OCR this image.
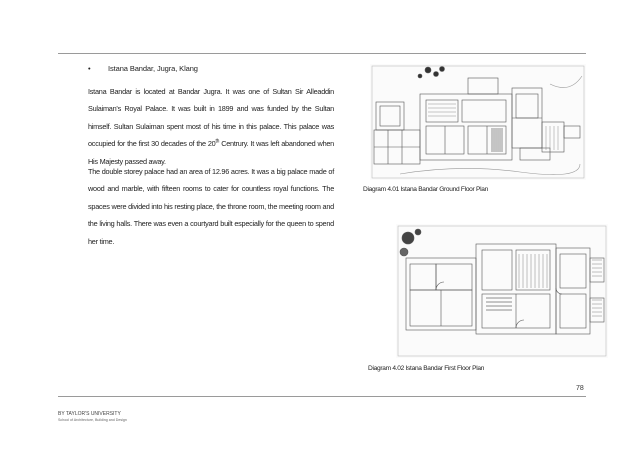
• Istana Bandar, Jugra, Klang

Istana Bandar is located at Bandar Jugra. It was one of Sultan Sir Alleaddin Sulaiman's Royal Palace. It was built in 1899 and was funded by the Sultan himself. Sultan Sulaiman spent most of his time in this palace. This palace was occupied for the first 30 decades of the 20th Centrury. It was left abandoned when His Majesty passed away.

The double storey palace had an area of 12.96 acres. It was a big palace made of wood and marble, with fifteen rooms to cater for countless royal functions. The spaces were divided into his resting place, the throne room, the meeting room and the living halls. There was even a courtyard built especially for the queen to spend her time.

Diagram 4.01 Istana Bandar Ground Floor Plan
Diagram 4.02 Istana Bandar First Floor Plan
78
BY TAYLOR'S UNIVERSITY
School of Architecture, Building and Design
